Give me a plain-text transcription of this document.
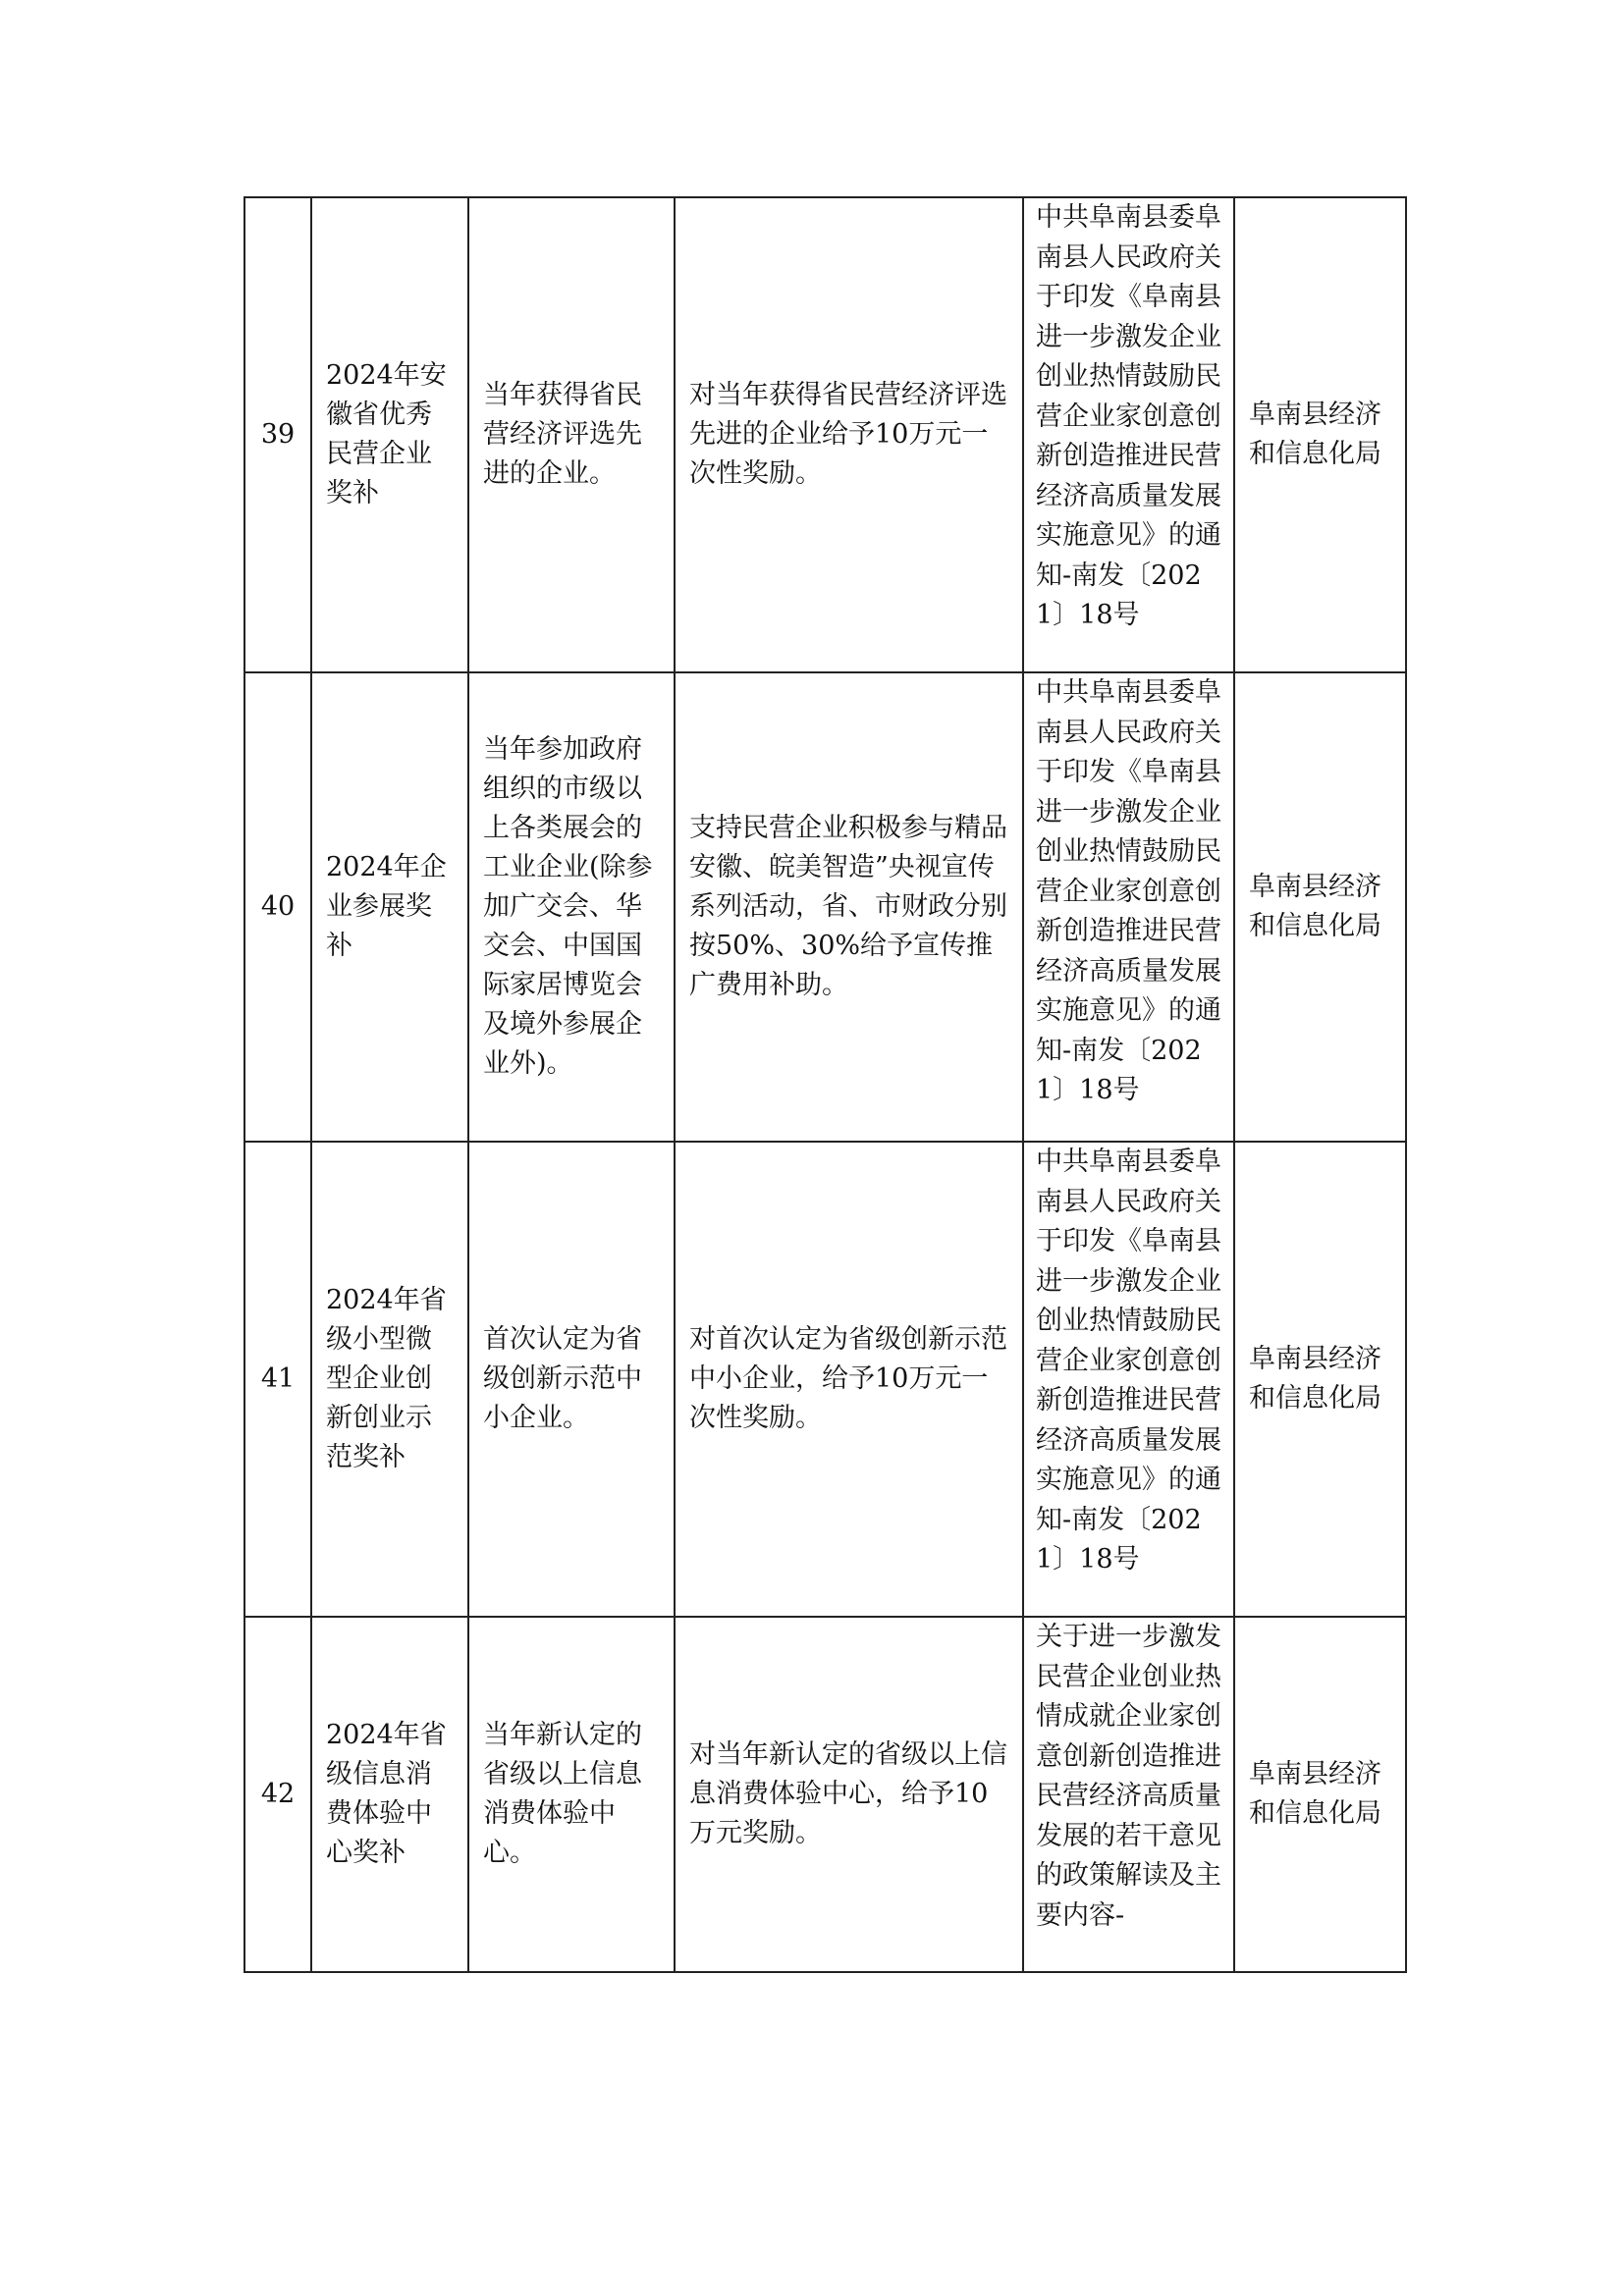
39	2024年安徽省优秀民营企业奖补	当年获得省民营经济评选先进的企业。	对当年获得省民营经济评选先进的企业给予10万元一次性奖励。	中共阜南县委阜南县人民政府关于印发《阜南县进一步激发企业创业热情鼓励民营企业家创意创新创造推进民营经济高质量发展实施意见》的通知-南发〔2021〕18号	阜南县经济和信息化局
40	2024年企业参展奖补	当年参加政府组织的市级以上各类展会的工业企业(除参加广交会、华交会、中国国际家居博览会及境外参展企业外)。	支持民营企业积极参与精品安徽、皖美智造”央视宣传系列活动，省、市财政分别按50%、30%给予宣传推广费用补助。	中共阜南县委阜南县人民政府关于印发《阜南县进一步激发企业创业热情鼓励民营企业家创意创新创造推进民营经济高质量发展实施意见》的通知-南发〔2021〕18号	阜南县经济和信息化局
41	2024年省级小型微型企业创新创业示范奖补	首次认定为省级创新示范中小企业。	对首次认定为省级创新示范中小企业，给予10万元一次性奖励。	中共阜南县委阜南县人民政府关于印发《阜南县进一步激发企业创业热情鼓励民营企业家创意创新创造推进民营经济高质量发展实施意见》的通知-南发〔2021〕18号	阜南县经济和信息化局
42	2024年省级信息消费体验中心奖补	当年新认定的省级以上信息消费体验中心。	对当年新认定的省级以上信息消费体验中心，给予10万元奖励。	关于进一步激发民营企业创业热情成就企业家创意创新创造推进民营经济高质量发展的若干意见的政策解读及主要内容-	阜南县经济和信息化局
